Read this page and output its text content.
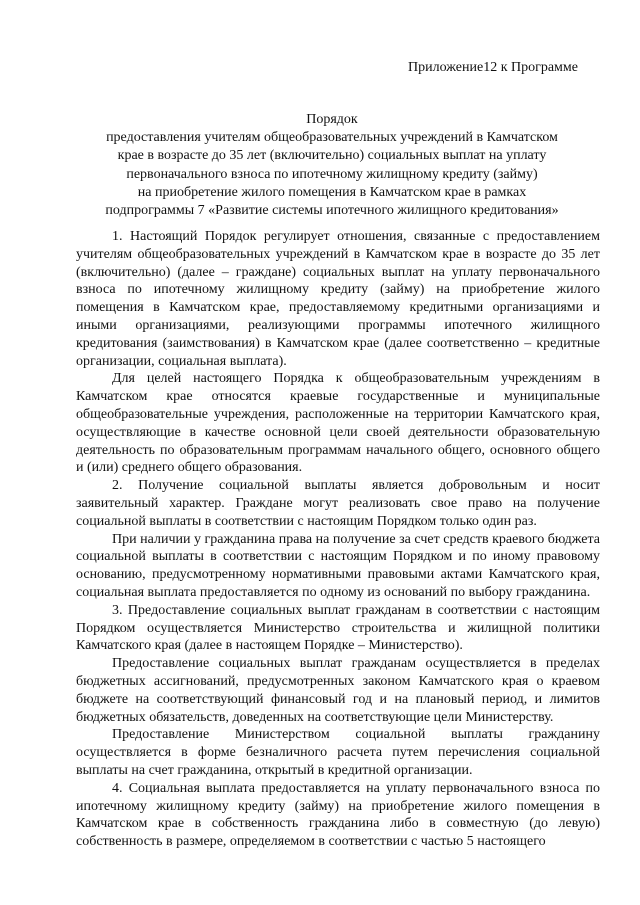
Приложение12 к Программе
Порядок
предоставления учителям общеобразовательных учреждений в Камчатском
крае в возрасте до 35 лет (включительно) социальных выплат на уплату
первоначального взноса по ипотечному жилищному кредиту (займу)
на приобретение жилого помещения в Камчатском крае в рамках
подпрограммы 7 «Развитие системы ипотечного жилищного кредитования»

1. Настоящий Порядок регулирует отношения, связанные с предоставлением учителям общеобразовательных учреждений в Камчатском крае в возрасте до 35 лет (включительно) (далее – граждане) социальных выплат на уплату первоначального взноса по ипотечному жилищному кредиту (займу) на приобретение жилого помещения в Камчатском крае, предоставляемому кредитными организациями и иными организациями, реализующими программы ипотечного жилищного кредитования (заимствования) в Камчатском крае (далее соответственно – кредитные организации, социальная выплата).

Для целей настоящего Порядка к общеобразовательным учреждениям в Камчатском крае относятся краевые государственные и муниципальные общеобразовательные учреждения, расположенные на территории Камчатского края, осуществляющие в качестве основной цели своей деятельности образовательную деятельность по образовательным программам начального общего, основного общего и (или) среднего общего образования.

2. Получение социальной выплаты является добровольным и носит заявительный характер. Граждане могут реализовать свое право на получение социальной выплаты в соответствии с настоящим Порядком только один раз.

При наличии у гражданина права на получение за счет средств краевого бюджета социальной выплаты в соответствии с настоящим Порядком и по иному правовому основанию, предусмотренному нормативными правовыми актами Камчатского края, социальная выплата предоставляется по одному из оснований по выбору гражданина.

3. Предоставление социальных выплат гражданам в соответствии с настоящим Порядком осуществляется Министерство строительства и жилищной политики Камчатского края (далее в настоящем Порядке – Министерство).

Предоставление социальных выплат гражданам осуществляется в пределах бюджетных ассигнований, предусмотренных законом Камчатского края о краевом бюджете на соответствующий финансовый год и на плановый период, и лимитов бюджетных обязательств, доведенных на соответствующие цели Министерству.

Предоставление Министерством социальной выплаты гражданину осуществляется в форме безналичного расчета путем перечисления социальной выплаты на счет гражданина, открытый в кредитной организации.

4. Социальная выплата предоставляется на уплату первоначального взноса по ипотечному жилищному кредиту (займу) на приобретение жилого помещения в Камчатском крае в собственность гражданина либо в совместную (до левую) собственность в размере, определяемом в соответствии с частью 5 настоящего
